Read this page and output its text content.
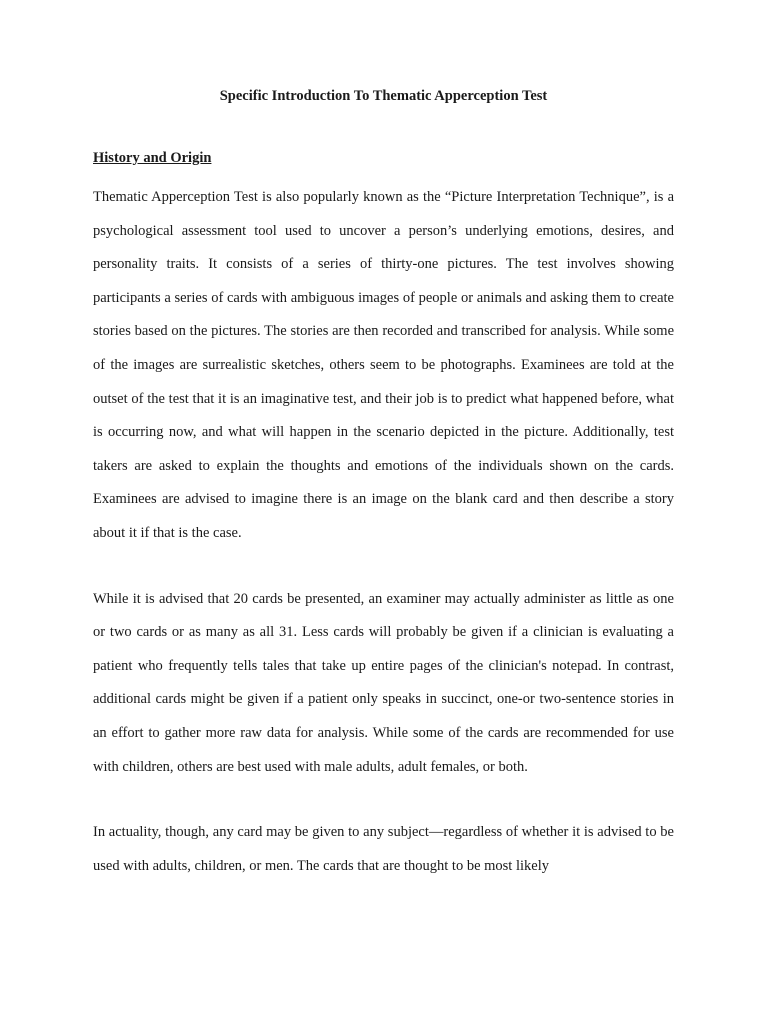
Specific Introduction To Thematic Apperception Test
History and Origin

Thematic Apperception Test is also popularly known as the “Picture Interpretation Technique”, is a psychological assessment tool used to uncover a person’s underlying emotions, desires, and personality traits. It consists of a series of thirty-one pictures. The test involves showing participants a series of cards with ambiguous images of people or animals and asking them to create stories based on the pictures. The stories are then recorded and transcribed for analysis. While some of the images are surrealistic sketches, others seem to be photographs. Examinees are told at the outset of the test that it is an imaginative test, and their job is to predict what happened before, what is occurring now, and what will happen in the scenario depicted in the picture. Additionally, test takers are asked to explain the thoughts and emotions of the individuals shown on the cards. Examinees are advised to imagine there is an image on the blank card and then describe a story about it if that is the case.

While it is advised that 20 cards be presented, an examiner may actually administer as little as one or two cards or as many as all 31. Less cards will probably be given if a clinician is evaluating a patient who frequently tells tales that take up entire pages of the clinician's notepad. In contrast, additional cards might be given if a patient only speaks in succinct, one-or two-sentence stories in an effort to gather more raw data for analysis. While some of the cards are recommended for use with children, others are best used with male adults, adult females, or both.

In actuality, though, any card may be given to any subject—regardless of whether it is advised to be used with adults, children, or men. The cards that are thought to be most likely
